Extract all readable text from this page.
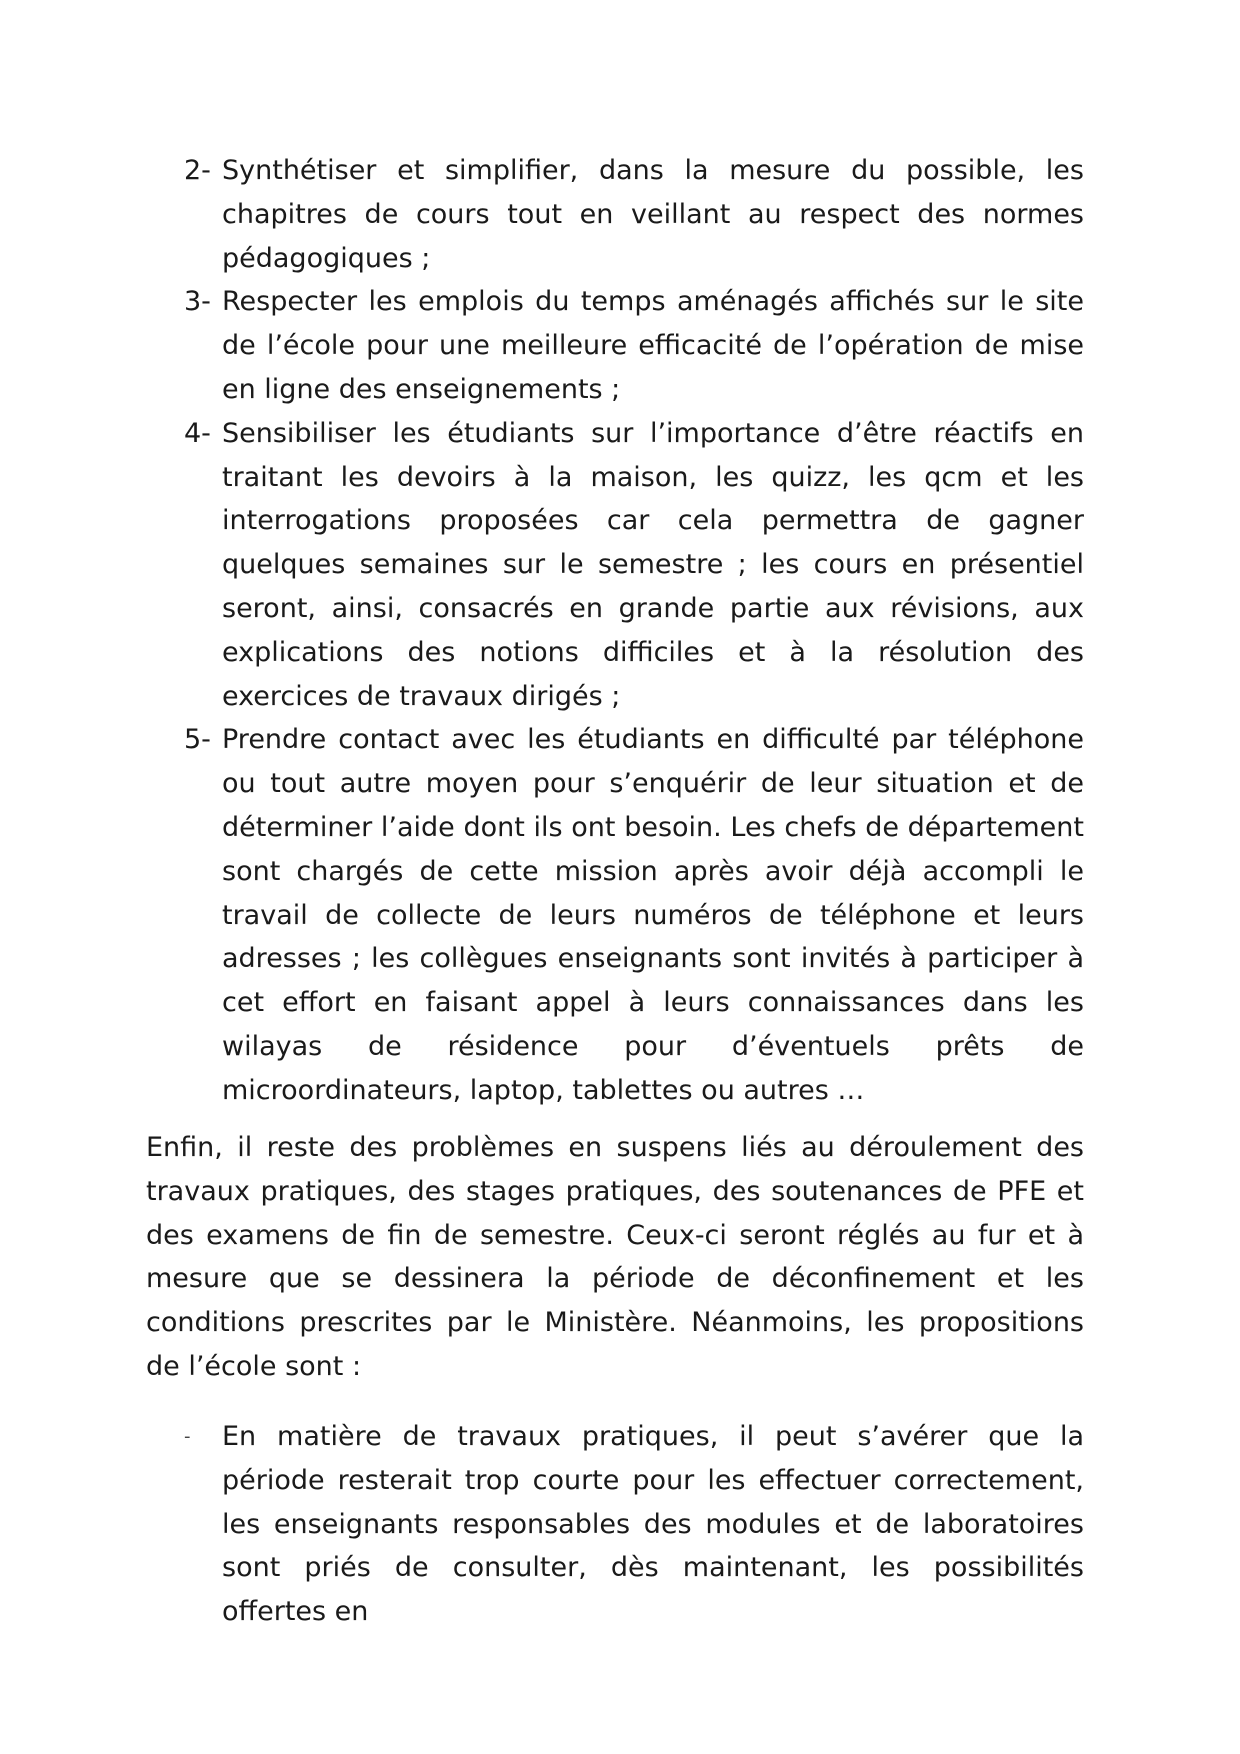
2- Synthétiser et simplifier, dans la mesure du possible, les chapitres de cours tout en veillant au respect des normes pédagogiques ;
3- Respecter les emplois du temps aménagés affichés sur le site de l’école pour une meilleure efficacité de l’opération de mise en ligne des enseignements ;
4- Sensibiliser les étudiants sur l’importance d’être réactifs en traitant les devoirs à la maison, les quizz, les qcm et les interrogations proposées car cela permettra de gagner quelques semaines sur le semestre ; les cours en présentiel seront, ainsi, consacrés en grande partie aux révisions, aux explications des notions difficiles et à la résolution des exercices de travaux dirigés ;
5- Prendre contact avec les étudiants en difficulté par téléphone ou tout autre moyen pour s’enquérir de leur situation et de déterminer l’aide dont ils ont besoin. Les chefs de département sont chargés de cette mission après avoir déjà accompli le travail de collecte de leurs numéros de téléphone et leurs adresses ; les collègues enseignants sont invités à participer à cet effort en faisant appel à leurs connaissances dans les wilayas de résidence pour d’éventuels prêts de microordinateurs, laptop, tablettes ou autres …

Enfin, il reste des problèmes en suspens liés au déroulement des travaux pratiques, des stages pratiques, des soutenances de PFE et des examens de fin de semestre. Ceux-ci seront réglés au fur et à mesure que se dessinera la période de déconfinement et les conditions prescrites par le Ministère. Néanmoins, les propositions de l’école sont :

-	En matière de travaux pratiques, il peut s’avérer que la période resterait trop courte pour les effectuer correctement, les enseignants responsables des modules et de laboratoires sont priés de consulter, dès maintenant, les possibilités offertes en
